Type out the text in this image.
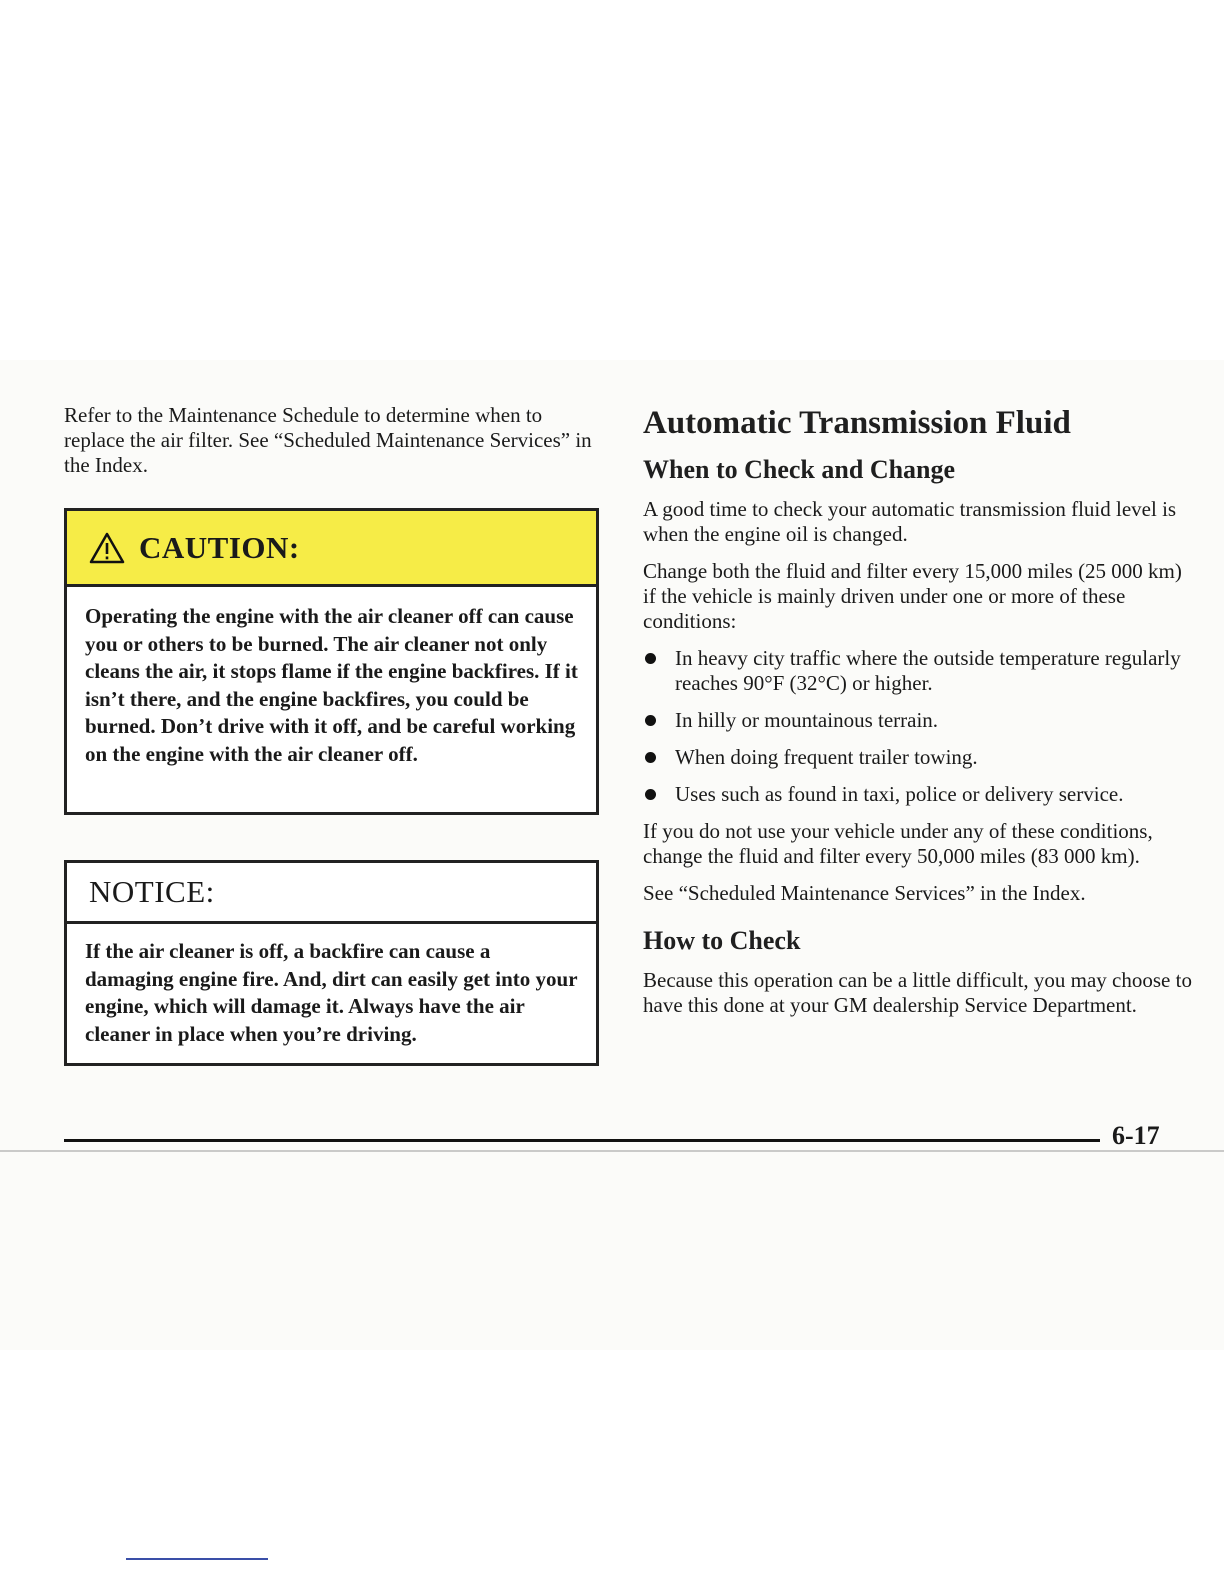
Refer to the Maintenance Schedule to determine when to replace the air filter. See “Scheduled Maintenance Services” in the Index.

CAUTION:
Operating the engine with the air cleaner off can cause you or others to be burned. The air cleaner not only cleans the air, it stops flame if the engine backfires. If it isn’t there, and the engine backfires, you could be burned. Don’t drive with it off, and be careful working on the engine with the air cleaner off.
NOTICE:
If the air cleaner is off, a backfire can cause a damaging engine fire. And, dirt can easily get into your engine, which will damage it. Always have the air cleaner in place when you’re driving.
Automatic Transmission Fluid
When to Check and Change

A good time to check your automatic transmission fluid level is when the engine oil is changed.

Change both the fluid and filter every 15,000 miles (25 000 km) if the vehicle is mainly driven under one or more of these conditions:

In heavy city traffic where the outside temperature regularly reaches 90°F (32°C) or higher.
In hilly or mountainous terrain.
When doing frequent trailer towing.
Uses such as found in taxi, police or delivery service.

If you do not use your vehicle under any of these conditions, change the fluid and filter every 50,000 miles (83 000 km).

See “Scheduled Maintenance Services” in the Index.

How to Check

Because this operation can be a little difficult, you may choose to have this done at your GM dealership Service Department.

6-17
